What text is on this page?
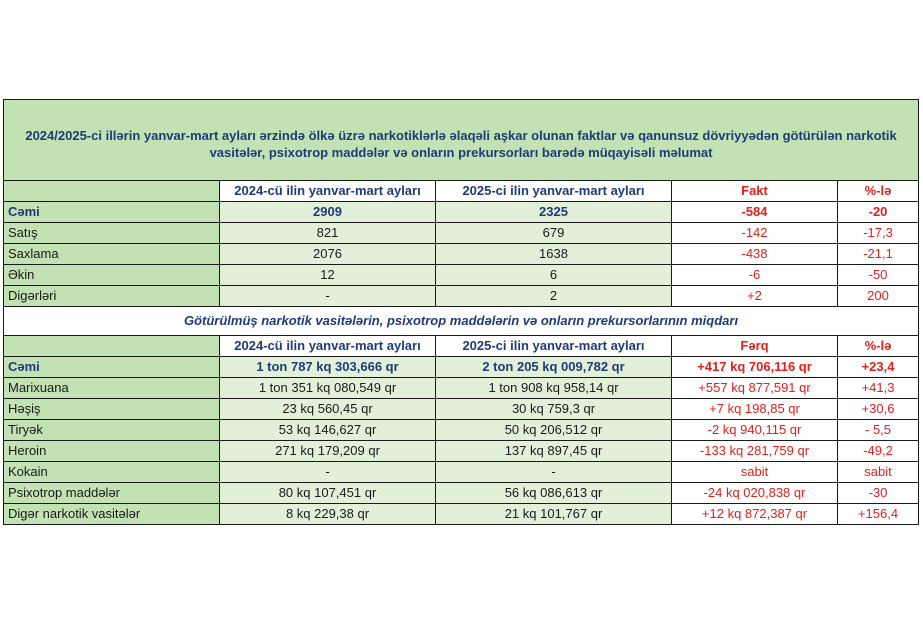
2024/2025-ci illərin yanvar-mart ayları ərzində ölkə üzrə narkotiklərlə əlaqəli aşkar olunan faktlar və qanunsuz dövriyyədən götürülən narkotik vasitələr, psixotrop maddələr və onların prekursorları barədə müqayisəli məlumat				
	2024-cü ilin yanvar-mart ayları	2025-ci ilin yanvar-mart ayları	Fakt	%-lə
Cəmi	2909	2325	-584	-20
Satış	821	679	-142	-17,3
Saxlama	2076	1638	-438	-21,1
Əkin	12	6	-6	-50
Digərləri	-	2	+2	200
Götürülmüş narkotik vasitələrin, psixotrop maddələrin və onların prekursorlarının miqdarı				
	2024-cü ilin yanvar-mart ayları	2025-ci ilin yanvar-mart ayları	Fərq	%-lə
Cəmi	1 ton 787 kq 303,666 qr	2 ton 205 kq 009,782 qr	+417 kq 706,116 qr	+23,4
Marixuana	1 ton 351 kq 080,549 qr	1 ton 908 kq 958,14 qr	+557 kq 877,591 qr	+41,3
Həşiş	23 kq 560,45 qr	30 kq 759,3 qr	+7 kq 198,85 qr	+30,6
Tiryək	53 kq 146,627 qr	50 kq 206,512 qr	-2 kq 940,115 qr	- 5,5
Heroin	271 kq 179,209 qr	137 kq 897,45 qr	-133 kq 281,759 qr	-49,2
Kokain	-	-	sabit	sabit
Psixotrop maddələr	80 kq 107,451 qr	56 kq 086,613 qr	-24 kq 020,838 qr	-30
Digər narkotik vasitələr	8 kq 229,38 qr	21 kq 101,767 qr	+12 kq 872,387 qr	+156,4
